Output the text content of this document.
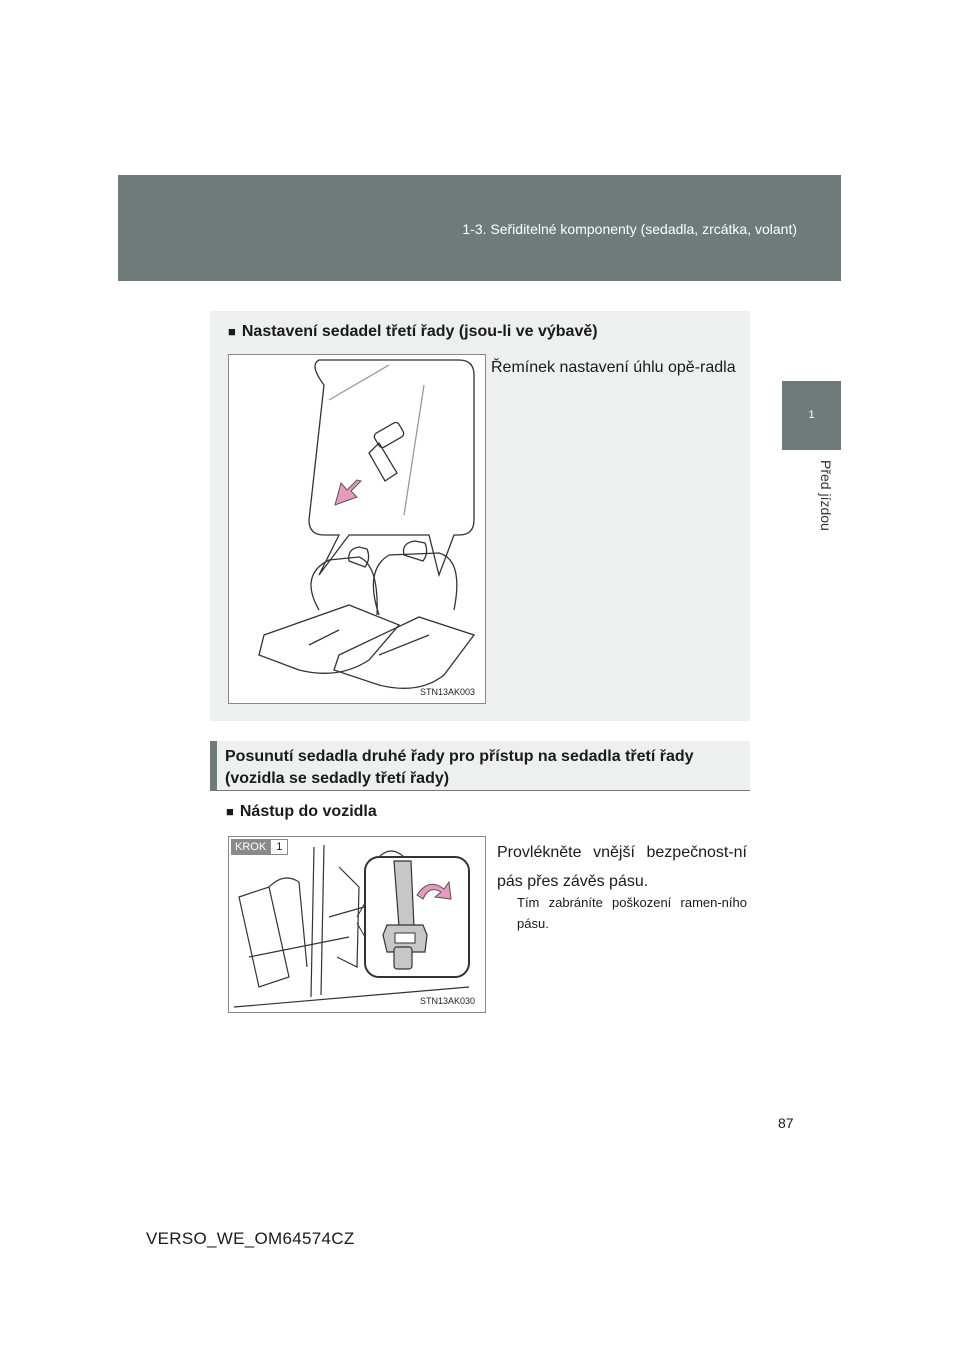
1-3. Seřiditelné komponenty (sedadla, zrcátka, volant)
1
Před jízdou
■ Nastavení sedadel třetí řady (jsou-li ve výbavě)
STN13AK003
Řemínek nastavení úhlu opě-radla
Posunutí sedadla druhé řady pro přístup na sedadla třetí řady (vozidla se sedadly třetí řady)
■ Nástup do vozidla
KROK 1
STN13AK030
Provlékněte vnější bezpečnost-ní pás přes závěs pásu.
Tím zabráníte poškození ramen-ního pásu.
87
VERSO_WE_OM64574CZ
